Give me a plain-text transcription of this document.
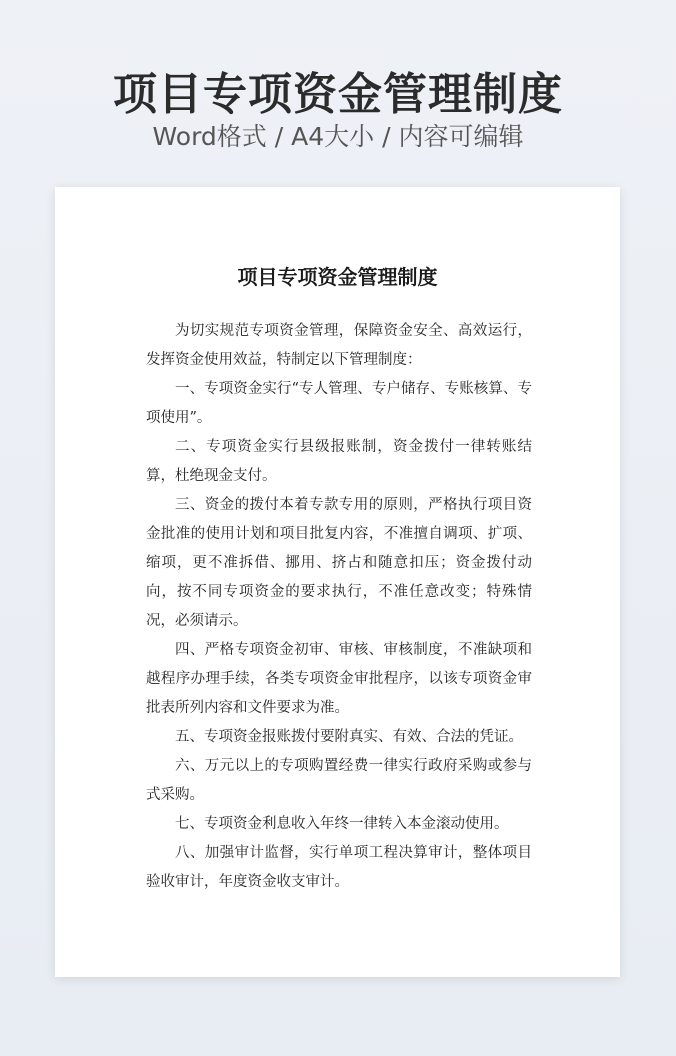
项目专项资金管理制度
Word格式 / A4大小 / 内容可编辑
项目专项资金管理制度

为切实规范专项资金管理，保障资金安全、高效运行，发挥资金使用效益，特制定以下管理制度：

一、专项资金实行“专人管理、专户储存、专账核算、专项使用”。

二、专项资金实行县级报账制，资金拨付一律转账结算，杜绝现金支付。

三、资金的拨付本着专款专用的原则，严格执行项目资金批准的使用计划和项目批复内容，不准擅自调项、扩项、缩项，更不准拆借、挪用、挤占和随意扣压；资金拨付动向，按不同专项资金的要求执行，不准任意改变；特殊情况，必须请示。

四、严格专项资金初审、审核、审核制度，不准缺项和越程序办理手续，各类专项资金审批程序，以该专项资金审批表所列内容和文件要求为准。

五、专项资金报账拨付要附真实、有效、合法的凭证。

六、万元以上的专项购置经费一律实行政府采购或参与式采购。

七、专项资金利息收入年终一律转入本金滚动使用。

八、加强审计监督，实行单项工程决算审计，整体项目验收审计，年度资金收支审计。
